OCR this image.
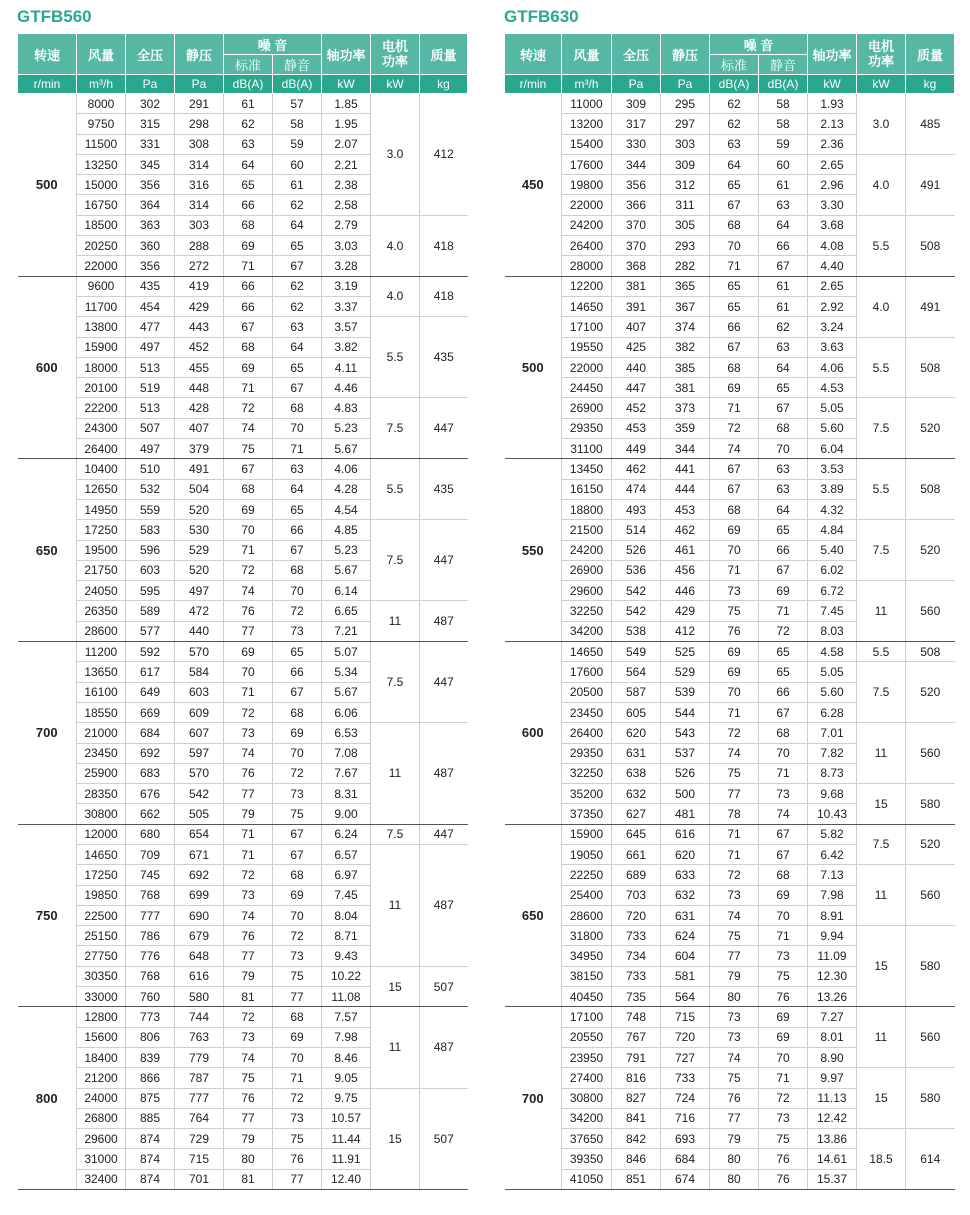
GTFB560
转速	风量	全压	静压	噪 音		轴功率	电机
功率	质量
				标准	静音			
r/min	m³/h	Pa	Pa	dB(A)	dB(A)	kW	kW	kg
500	8000	302	291	61	57	1.85	3.0	412
	9750	315	298	62	58	1.95		
	11500	331	308	63	59	2.07		
	13250	345	314	64	60	2.21		
	15000	356	316	65	61	2.38		
	16750	364	314	66	62	2.58		
	18500	363	303	68	64	2.79	4.0	418
	20250	360	288	69	65	3.03		
	22000	356	272	71	67	3.28		
600	9600	435	419	66	62	3.19	4.0	418
	11700	454	429	66	62	3.37		
	13800	477	443	67	63	3.57	5.5	435
	15900	497	452	68	64	3.82		
	18000	513	455	69	65	4.11		
	20100	519	448	71	67	4.46		
	22200	513	428	72	68	4.83	7.5	447
	24300	507	407	74	70	5.23		
	26400	497	379	75	71	5.67		
650	10400	510	491	67	63	4.06	5.5	435
	12650	532	504	68	64	4.28		
	14950	559	520	69	65	4.54		
	17250	583	530	70	66	4.85	7.5	447
	19500	596	529	71	67	5.23		
	21750	603	520	72	68	5.67		
	24050	595	497	74	70	6.14		
	26350	589	472	76	72	6.65	11	487
	28600	577	440	77	73	7.21		
700	11200	592	570	69	65	5.07	7.5	447
	13650	617	584	70	66	5.34		
	16100	649	603	71	67	5.67		
	18550	669	609	72	68	6.06		
	21000	684	607	73	69	6.53	11	487
	23450	692	597	74	70	7.08		
	25900	683	570	76	72	7.67		
	28350	676	542	77	73	8.31		
	30800	662	505	79	75	9.00		
750	12000	680	654	71	67	6.24	7.5	447
	14650	709	671	71	67	6.57	11	487
	17250	745	692	72	68	6.97		
	19850	768	699	73	69	7.45		
	22500	777	690	74	70	8.04		
	25150	786	679	76	72	8.71		
	27750	776	648	77	73	9.43		
	30350	768	616	79	75	10.22	15	507
	33000	760	580	81	77	11.08		
800	12800	773	744	72	68	7.57	11	487
	15600	806	763	73	69	7.98		
	18400	839	779	74	70	8.46		
	21200	866	787	75	71	9.05		
	24000	875	777	76	72	9.75	15	507
	26800	885	764	77	73	10.57		
	29600	874	729	79	75	11.44		
	31000	874	715	80	76	11.91		
	32400	874	701	81	77	12.40		
GTFB630
转速	风量	全压	静压	噪 音		轴功率	电机
功率	质量
				标准	静音			
r/min	m³/h	Pa	Pa	dB(A)	dB(A)	kW	kW	kg
450	11000	309	295	62	58	1.93	3.0	485
	13200	317	297	62	58	2.13		
	15400	330	303	63	59	2.36		
	17600	344	309	64	60	2.65	4.0	491
	19800	356	312	65	61	2.96		
	22000	366	311	67	63	3.30		
	24200	370	305	68	64	3.68	5.5	508
	26400	370	293	70	66	4.08		
	28000	368	282	71	67	4.40		
500	12200	381	365	65	61	2.65	4.0	491
	14650	391	367	65	61	2.92		
	17100	407	374	66	62	3.24		
	19550	425	382	67	63	3.63	5.5	508
	22000	440	385	68	64	4.06		
	24450	447	381	69	65	4.53		
	26900	452	373	71	67	5.05	7.5	520
	29350	453	359	72	68	5.60		
	31100	449	344	74	70	6.04		
550	13450	462	441	67	63	3.53	5.5	508
	16150	474	444	67	63	3.89		
	18800	493	453	68	64	4.32		
	21500	514	462	69	65	4.84	7.5	520
	24200	526	461	70	66	5.40		
	26900	536	456	71	67	6.02		
	29600	542	446	73	69	6.72	11	560
	32250	542	429	75	71	7.45		
	34200	538	412	76	72	8.03		
600	14650	549	525	69	65	4.58	5.5	508
	17600	564	529	69	65	5.05	7.5	520
	20500	587	539	70	66	5.60		
	23450	605	544	71	67	6.28		
	26400	620	543	72	68	7.01	11	560
	29350	631	537	74	70	7.82		
	32250	638	526	75	71	8.73		
	35200	632	500	77	73	9.68	15	580
	37350	627	481	78	74	10.43		
650	15900	645	616	71	67	5.82	7.5	520
	19050	661	620	71	67	6.42		
	22250	689	633	72	68	7.13	11	560
	25400	703	632	73	69	7.98		
	28600	720	631	74	70	8.91		
	31800	733	624	75	71	9.94	15	580
	34950	734	604	77	73	11.09		
	38150	733	581	79	75	12.30		
	40450	735	564	80	76	13.26		
700	17100	748	715	73	69	7.27	11	560
	20550	767	720	73	69	8.01		
	23950	791	727	74	70	8.90		
	27400	816	733	75	71	9.97	15	580
	30800	827	724	76	72	11.13		
	34200	841	716	77	73	12.42		
	37650	842	693	79	75	13.86	18.5	614
	39350	846	684	80	76	14.61		
	41050	851	674	80	76	15.37		
